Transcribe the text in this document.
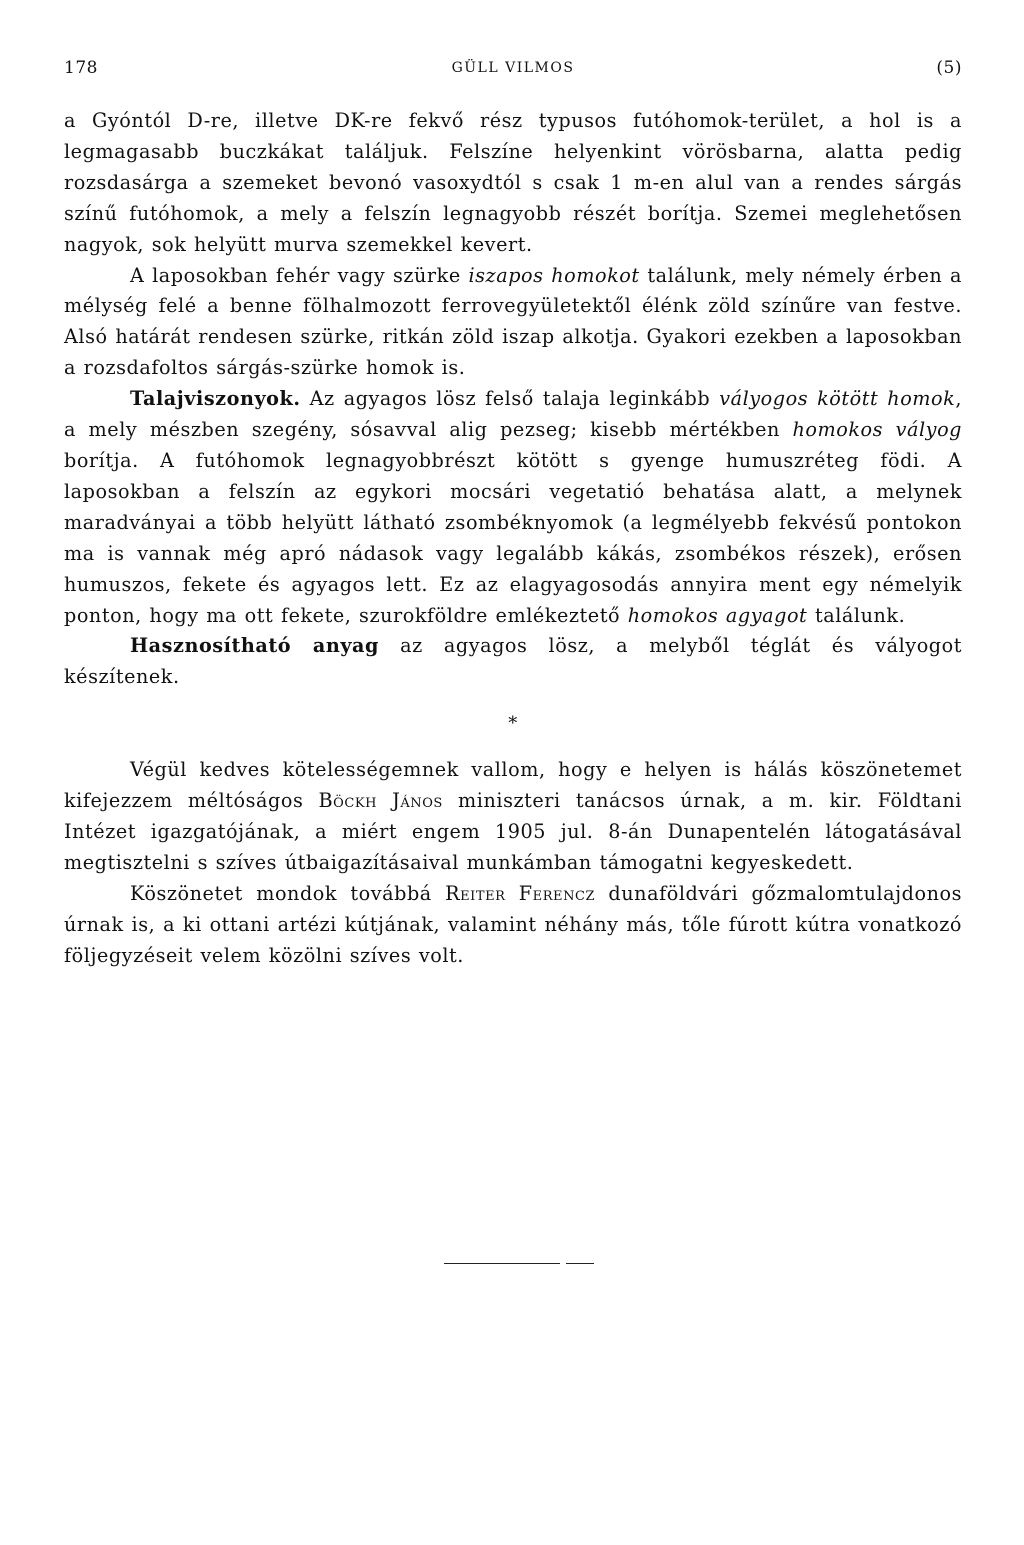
178	GÜLL VILMOS	(5)

a Gyóntól D-re, illetve DK-re fekvő rész typusos futóhomok-terület, a hol is a legmagasabb buczkákat találjuk. Felszíne helyenkint vörösbarna, alatta pedig rozsdasárga a szemeket bevonó vasoxydtól s csak 1 m-en alul van a rendes sárgás színű futóhomok, a mely a felszín legnagyobb részét borítja. Szemei meglehetősen nagyok, sok helyütt murva szemekkel kevert.

A laposokban fehér vagy szürke iszapos homokot találunk, mely némely érben a mélység felé a benne fölhalmozott ferrovegyületektől élénk zöld színűre van festve. Alsó határát rendesen szürke, ritkán zöld iszap alkotja. Gyakori ezekben a laposokban a rozsdafoltos sárgás-szürke homok is.

Talajviszonyok. Az agyagos lösz felső talaja leginkább vályogos kötött homok, a mely mészben szegény, sósavval alig pezseg; kisebb mértékben homokos vályog borítja. A futóhomok legnagyobbrészt kötött s gyenge humuszréteg födi. A laposokban a felszín az egykori mocsári vegetatió behatása alatt, a melynek maradványai a több helyütt látható zsombéknyomok (a legmélyebb fekvésű pontokon ma is vannak még apró nádasok vagy legalább kákás, zsombékos részek), erősen humuszos, fekete és agyagos lett. Ez az elagyagosodás annyira ment egy némelyik ponton, hogy ma ott fekete, szurokföldre emlékeztető homokos agyagot találunk.

Hasznosítható anyag az agyagos lösz, a melyből téglát és vályogot készítenek.

*

Végül kedves kötelességemnek vallom, hogy e helyen is hálás köszönetemet kifejezzem méltóságos Böckh János miniszteri tanácsos úrnak, a m. kir. Földtani Intézet igazgatójának, a miért engem 1905 jul. 8-án Dunapentelén látogatásával megtisztelni s szíves útbaigazításaival munkámban támogatni kegyeskedett.

Köszönetet mondok továbbá Reiter Ferencz dunaföldvári gőzmalomtulajdonos úrnak is, a ki ottani artézi kútjának, valamint néhány más, tőle fúrott kútra vonatkozó följegyzéseit velem közölni szíves volt.
